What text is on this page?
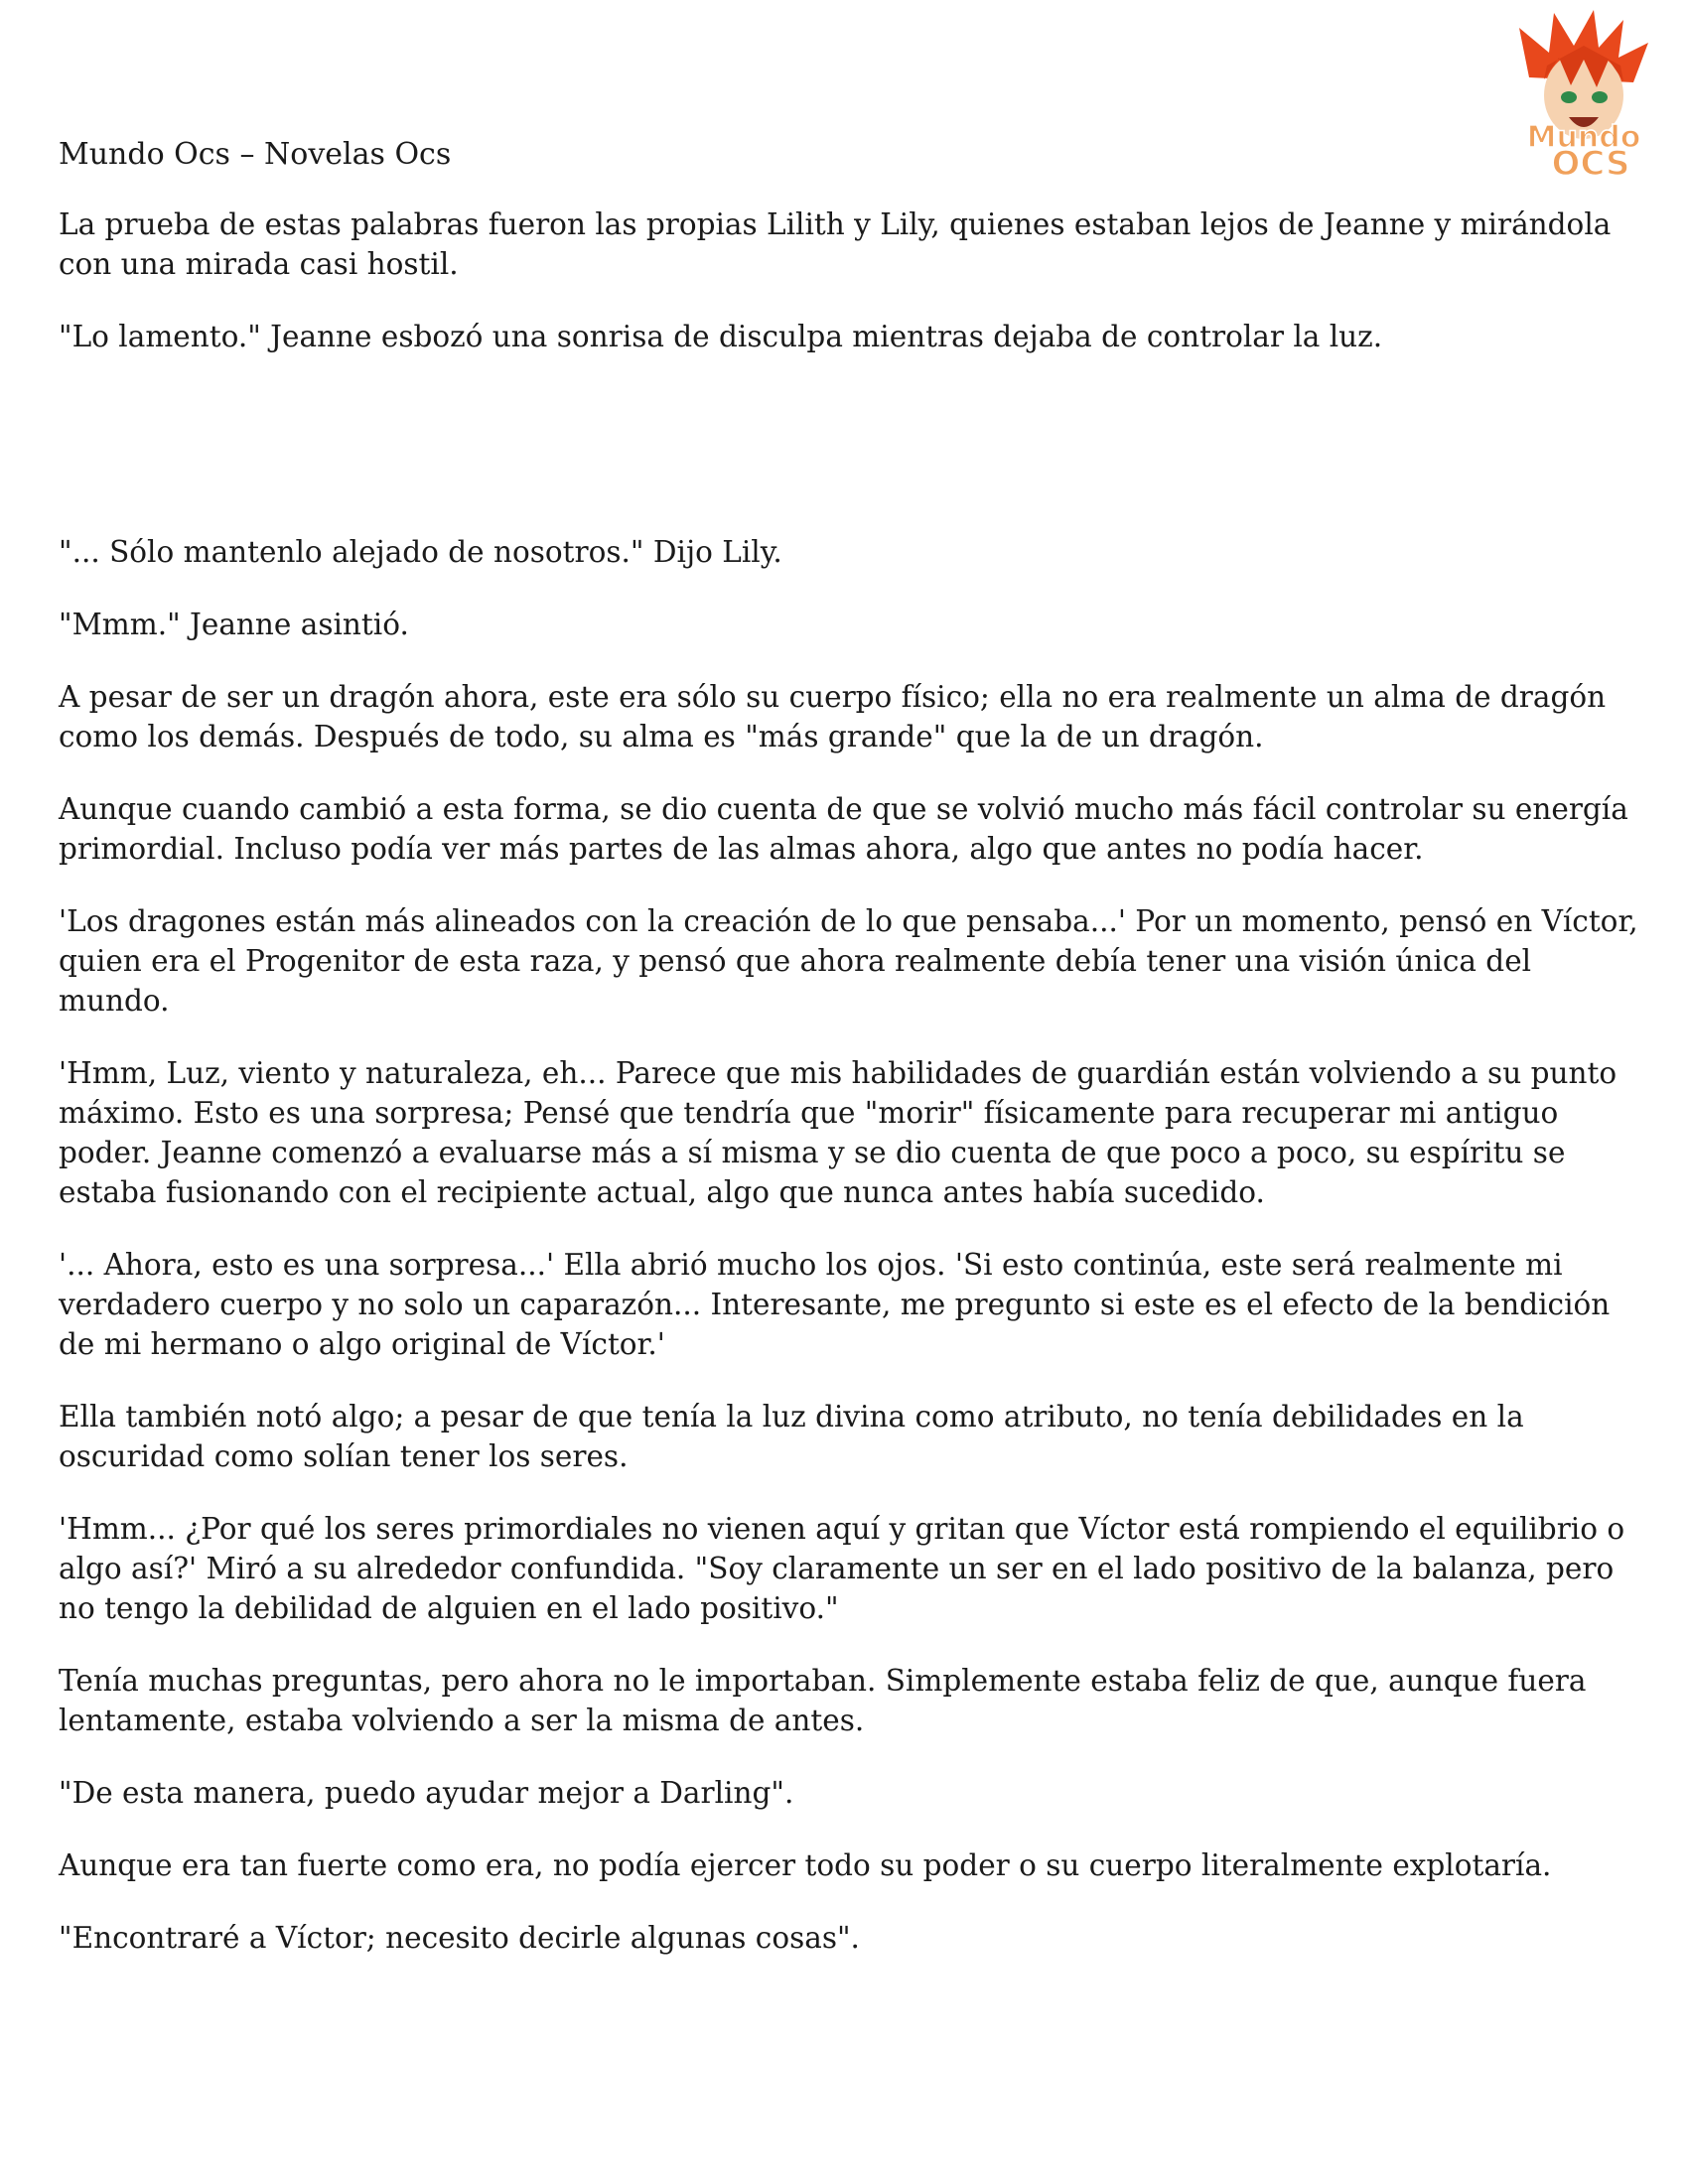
Mundo Ocs – Novelas Ocs	Mundo
OCS

La prueba de estas palabras fueron las propias Lilith y Lily, quienes estaban lejos de Jeanne y mirándola con una mirada casi hostil.

"Lo lamento." Jeanne esbozó una sonrisa de disculpa mientras dejaba de controlar la luz.

"... Sólo mantenlo alejado de nosotros." Dijo Lily.

"Mmm." Jeanne asintió.

A pesar de ser un dragón ahora, este era sólo su cuerpo físico; ella no era realmente un alma de dragón como los demás. Después de todo, su alma es "más grande" que la de un dragón.

Aunque cuando cambió a esta forma, se dio cuenta de que se volvió mucho más fácil controlar su energía primordial. Incluso podía ver más partes de las almas ahora, algo que antes no podía hacer.

'Los dragones están más alineados con la creación de lo que pensaba...' Por un momento, pensó en Víctor, quien era el Progenitor de esta raza, y pensó que ahora realmente debía tener una visión única del mundo.

'Hmm, Luz, viento y naturaleza, eh... Parece que mis habilidades de guardián están volviendo a su punto máximo. Esto es una sorpresa; Pensé que tendría que "morir" físicamente para recuperar mi antiguo poder. Jeanne comenzó a evaluarse más a sí misma y se dio cuenta de que poco a poco, su espíritu se estaba fusionando con el recipiente actual, algo que nunca antes había sucedido.

'... Ahora, esto es una sorpresa...' Ella abrió mucho los ojos. 'Si esto continúa, este será realmente mi verdadero cuerpo y no solo un caparazón... Interesante, me pregunto si este es el efecto de la bendición de mi hermano o algo original de Víctor.'

Ella también notó algo; a pesar de que tenía la luz divina como atributo, no tenía debilidades en la oscuridad como solían tener los seres.

'Hmm... ¿Por qué los seres primordiales no vienen aquí y gritan que Víctor está rompiendo el equilibrio o algo así?' Miró a su alrededor confundida. "Soy claramente un ser en el lado positivo de la balanza, pero no tengo la debilidad de alguien en el lado positivo."

Tenía muchas preguntas, pero ahora no le importaban. Simplemente estaba feliz de que, aunque fuera lentamente, estaba volviendo a ser la misma de antes.

"De esta manera, puedo ayudar mejor a Darling".

Aunque era tan fuerte como era, no podía ejercer todo su poder o su cuerpo literalmente explotaría.

"Encontraré a Víctor; necesito decirle algunas cosas".
